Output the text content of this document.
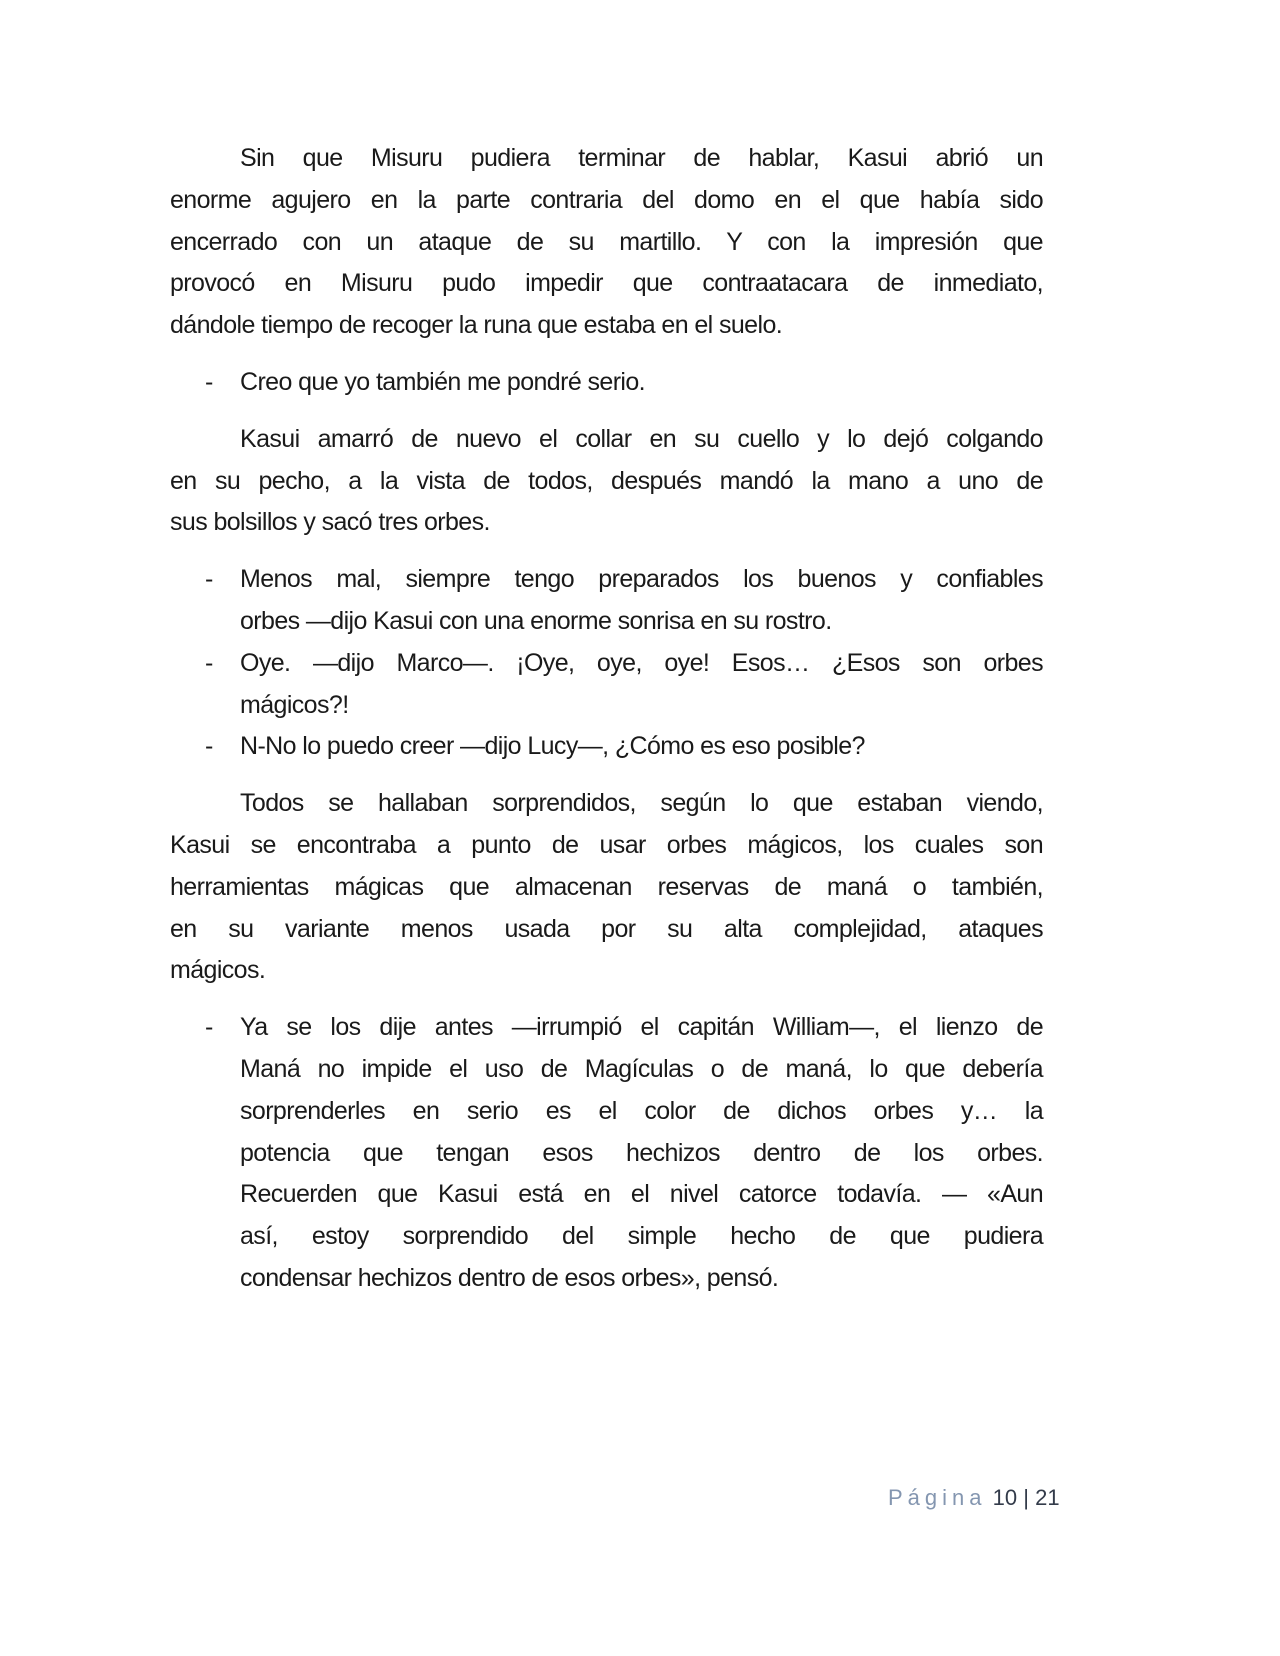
Sin que Misuru pudiera terminar de hablar, Kasui abrió un
enorme agujero en la parte contraria del domo en el que había sido
encerrado con un ataque de su martillo. Y con la impresión que
provocó en Misuru pudo impedir que contraatacara de inmediato,
dándole tiempo de recoger la runa que estaba en el suelo.
- Creo que yo también me pondré serio.
Kasui amarró de nuevo el collar en su cuello y lo dejó colgando
en su pecho, a la vista de todos, después mandó la mano a uno de
sus bolsillos y sacó tres orbes.
- Menos mal, siempre tengo preparados los buenos y confiables
orbes —dijo Kasui con una enorme sonrisa en su rostro.
- Oye. —dijo Marco—. ¡Oye, oye, oye! Esos… ¿Esos son orbes
mágicos?!
- N-No lo puedo creer —dijo Lucy—, ¿Cómo es eso posible?
Todos se hallaban sorprendidos, según lo que estaban viendo,
Kasui se encontraba a punto de usar orbes mágicos, los cuales son
herramientas mágicas que almacenan reservas de maná o también,
en su variante menos usada por su alta complejidad, ataques
mágicos.
- Ya se los dije antes —irrumpió el capitán William—, el lienzo de
Maná no impide el uso de Magículas o de maná, lo que debería
sorprenderles en serio es el color de dichos orbes y… la
potencia que tengan esos hechizos dentro de los orbes.
Recuerden que Kasui está en el nivel catorce todavía. — «Aun
así, estoy sorprendido del simple hecho de que pudiera
condensar hechizos dentro de esos orbes», pensó.
Página 10 | 21
